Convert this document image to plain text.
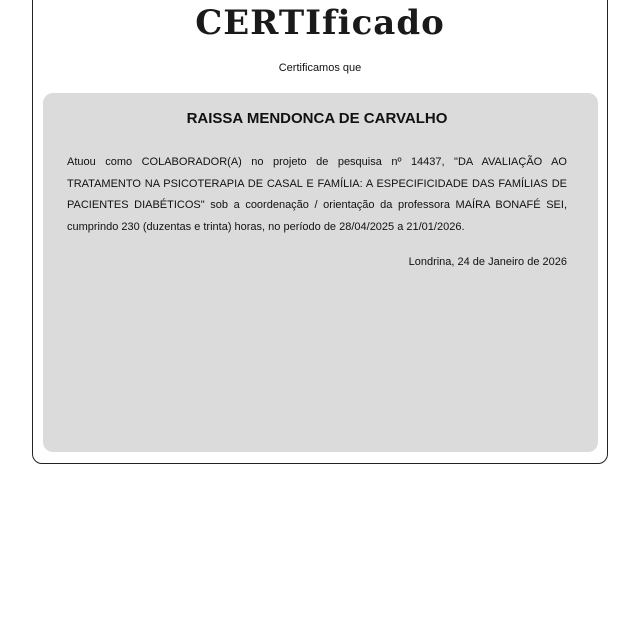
CERTIficado

Certificamos que

RAISSA MENDONCA DE CARVALHO

Atuou como COLABORADOR(A) no projeto de pesquisa nº 14437, "DA AVALIAÇÃO AO TRATAMENTO NA PSICOTERAPIA DE CASAL E FAMÍLIA: A ESPECIFICIDADE DAS FAMÍLIAS DE PACIENTES DIABÉTICOS" sob a coordenação / orientação da professora MAÍRA BONAFÉ SEI, cumprindo 230 (duzentas e trinta) horas, no período de 28/04/2025 a 21/01/2026.

Londrina, 24 de Janeiro de 2026
